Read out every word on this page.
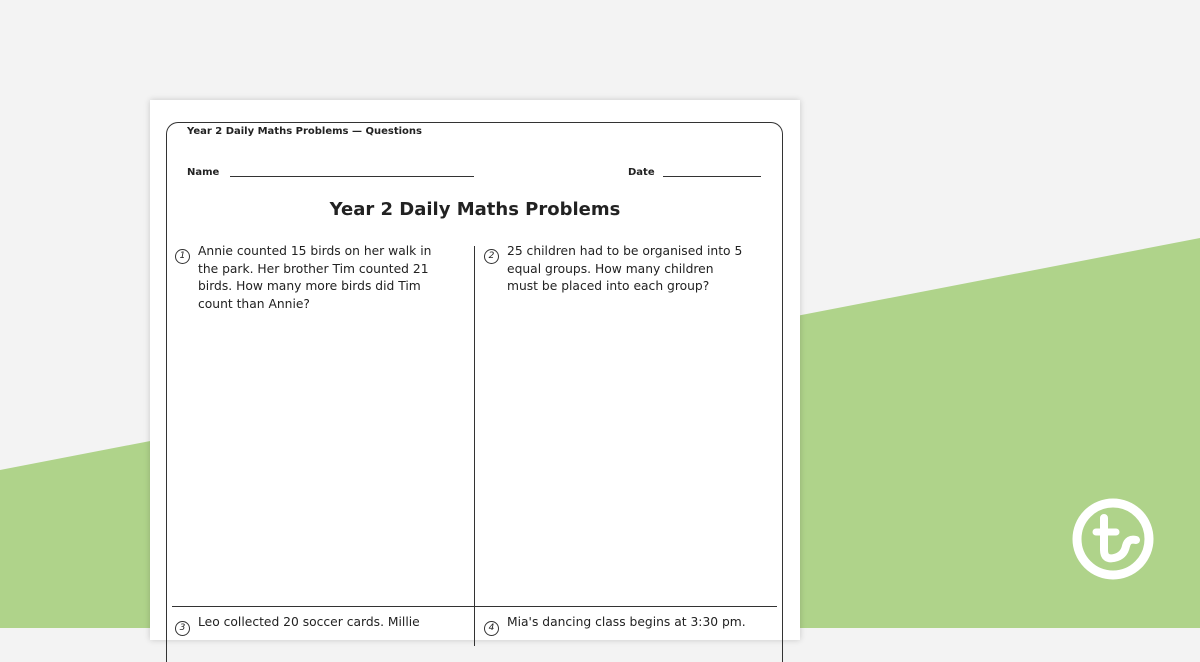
Year 2 Daily Maths Problems — Questions
Name	Date
Year 2 Daily Maths Problems
1	Annie counted 15 birds on her walk in the park. Her brother Tim counted 21 birds. How many more birds did Tim count than Annie?
2	25 children had to be organised into 5 equal groups. How many children must be placed into each group?
3	Leo collected 20 soccer cards. Millie	4	Mia's dancing class begins at 3:30 pm.
